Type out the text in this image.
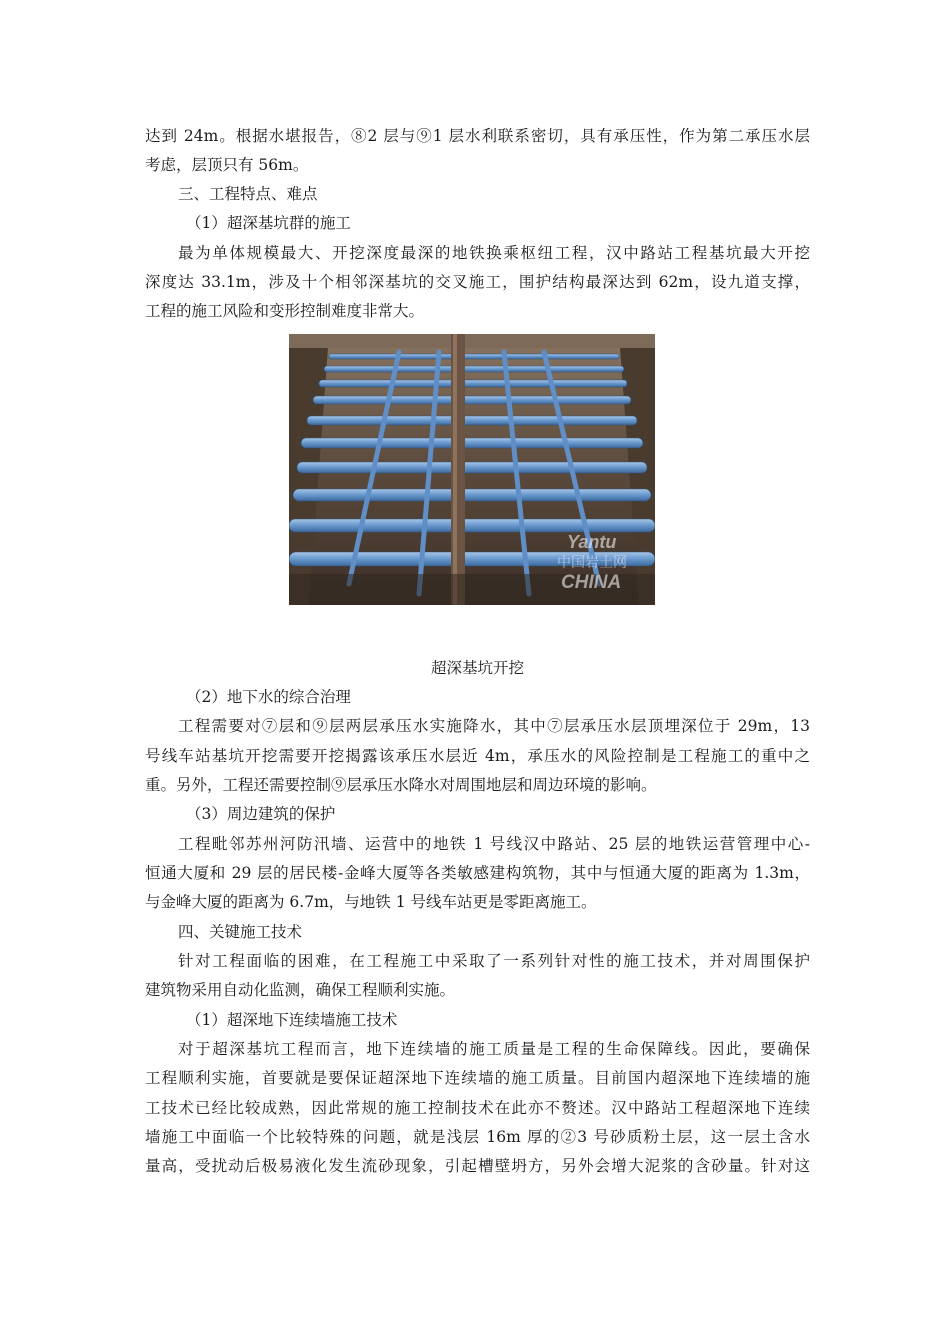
达到 24m。根据水堪报告，⑧2 层与⑨1 层水利联系密切，具有承压性，作为第二承压水层
考虑，层顶只有 56m。
三、工程特点、难点
（1）超深基坑群的施工
最为单体规模最大、开挖深度最深的地铁换乘枢纽工程，汉中路站工程基坑最大开挖
深度达 33.1m，涉及十个相邻深基坑的交叉施工，围护结构最深达到 62m，设九道支撑，
工程的施工风险和变形控制难度非常大。
Yantu
中国岩土网
CHINA
超深基坑开挖
（2）地下水的综合治理
工程需要对⑦层和⑨层两层承压水实施降水，其中⑦层承压水层顶埋深位于 29m，13
号线车站基坑开挖需要开挖揭露该承压水层近 4m，承压水的风险控制是工程施工的重中之
重。另外，工程还需要控制⑨层承压水降水对周围地层和周边环境的影响。
（3）周边建筑的保护
工程毗邻苏州河防汛墙、运营中的地铁 1 号线汉中路站、25 层的地铁运营管理中心-
恒通大厦和 29 层的居民楼-金峰大厦等各类敏感建构筑物，其中与恒通大厦的距离为 1.3m，
与金峰大厦的距离为 6.7m，与地铁 1 号线车站更是零距离施工。
四、关键施工技术
针对工程面临的困难，在工程施工中采取了一系列针对性的施工技术，并对周围保护
建筑物采用自动化监测，确保工程顺利实施。
（1）超深地下连续墙施工技术
对于超深基坑工程而言，地下连续墙的施工质量是工程的生命保障线。因此，要确保
工程顺利实施，首要就是要保证超深地下连续墙的施工质量。目前国内超深地下连续墙的施
工技术已经比较成熟，因此常规的施工控制技术在此亦不赘述。汉中路站工程超深地下连续
墙施工中面临一个比较特殊的问题，就是浅层 16m 厚的②3 号砂质粉土层，这一层土含水
量高，受扰动后极易液化发生流砂现象，引起槽壁坍方，另外会增大泥浆的含砂量。针对这
